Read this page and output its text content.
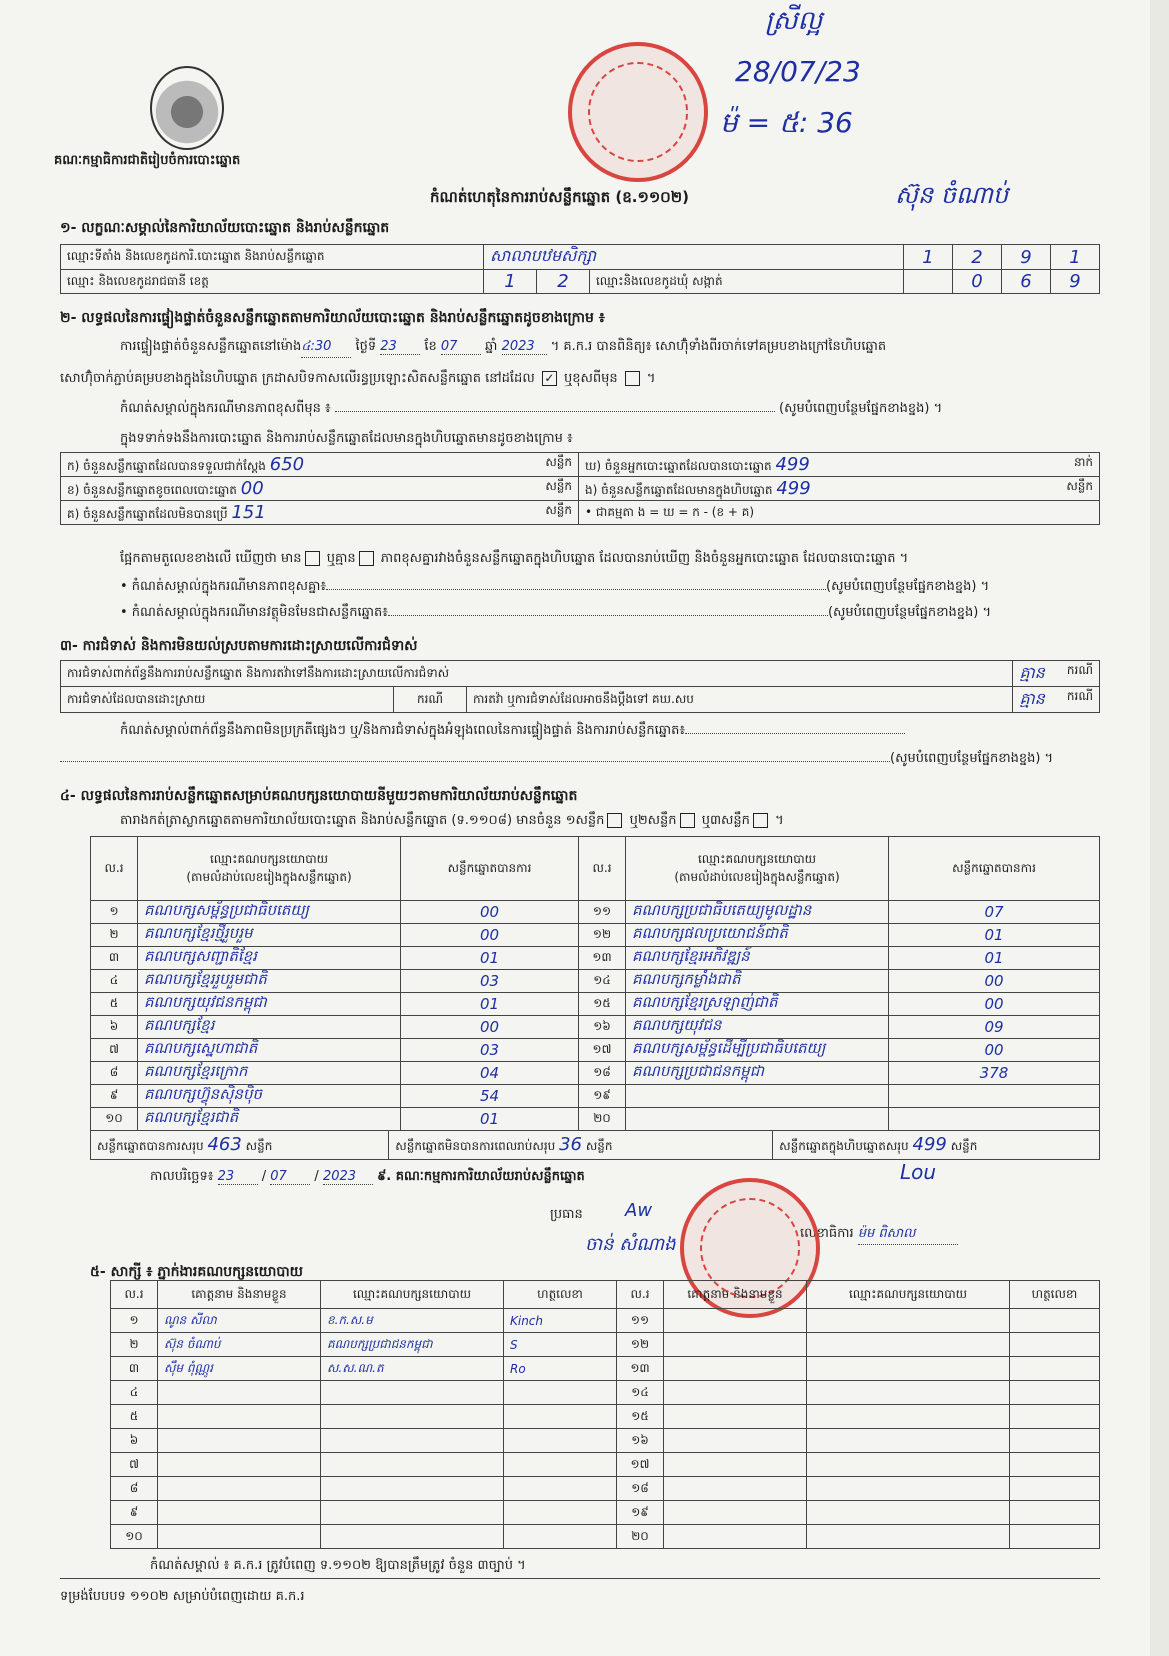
គណៈកម្មាធិការជាតិរៀបចំការបោះឆ្នោត
ស្រីល្អ
28/07/23
ម៉ = ៥: 36
ស៊ុន ចំណាប់
កំណត់ហេតុនៃការរាប់សន្លឹកឆ្នោត (ឧ.១១០២)
១- លក្ខណៈសម្គាល់នៃការិយាល័យបោះឆ្នោត និងរាប់សន្លឹកឆ្នោត
ឈ្មោះទីតាំង និងលេខកូដការិ.បោះឆ្នោត និងរាប់សន្លឹកឆ្នោត	សាលាបឋមសិក្សា			1	2	9	1
ឈ្មោះ និងលេខកូដរាជធានី ខេត្ត	1	2	ឈ្មោះនិងលេខកូដឃុំ សង្កាត់		0	6	9
២- លទ្ធផលនៃការផ្ទៀងផ្ទាត់ចំនួនសន្លឹកឆ្នោតតាមការិយាល័យបោះឆ្នោត និងរាប់សន្លឹកឆ្នោតដូចខាងក្រោម ៖
ការផ្ទៀងផ្ទាត់ចំនួនសន្លឹកឆ្នោតនៅម៉ោង៤:30 ថ្ងៃទី 23 ខែ 07 ឆ្នាំ 2023 ។ គ.ក.រ បានពិនិត្យ៖ សោហ៊ុំទាំងពីរចាក់ទៅគម្របខាងក្រៅនៃហិបឆ្នោត
សោហ៊ុំចាក់ភ្ជាប់គម្របខាងក្នុងនៃហិបឆ្នោត ក្រដាសបិទកាសលើរន្ធប្រឡោះសិតសន្លឹកឆ្នោត នៅដដែល ✓ ឬខុសពីមុន ។
កំណត់សម្គាល់ក្នុងករណីមានភាពខុសពីមុន ៖	(សូមបំពេញបន្ថែមផ្នែកខាងខ្នង) ។
ក្នុងទទាក់ទងនឹងការបោះឆ្នោត និងការរាប់សន្លឹកឆ្នោតដែលមានក្នុងហិបឆ្នោតមានដូចខាងក្រោម ៖
ក) ចំនួនសន្លឹកឆ្នោតដែលបានទទួលជាក់ស្តែង 650 សន្លឹក	ឃ) ចំនួនអ្នកបោះឆ្នោតដែលបានបោះឆ្នោត 499 នាក់

ខ) ចំនួនសន្លឹកឆ្នោតខូចពេលបោះឆ្នោត 00 សន្លឹក	ង) ចំនួនសន្លឹកឆ្នោតដែលមានក្នុងហិបឆ្នោត 499 សន្លឹក

គ) ចំនួនសន្លឹកឆ្នោតដែលមិនបានប្រើ 151 សន្លឹក	• ជាគម្មតា ង = ឃ = ក - (ខ + គ)
ផ្អែកតាមតួលេខខាងលើ ឃើញថា មាន ឬគ្មាន ភាពខុសគ្នារវាងចំនួនសន្លឹកឆ្នោតក្នុងហិបឆ្នោត ដែលបានរាប់ឃើញ និងចំនួនអ្នកបោះឆ្នោត ដែលបានបោះឆ្នោត ។
• កំណត់សម្គាល់ក្នុងករណីមានភាពខុសគ្នា៖	(សូមបំពេញបន្ថែមផ្នែកខាងខ្នង) ។
• កំណត់សម្គាល់ក្នុងករណីមានវត្ថុមិនមែនជាសន្លឹកឆ្នោត៖	(សូមបំពេញបន្ថែមផ្នែកខាងខ្នង) ។
៣- ការជំទាស់ និងការមិនយល់ស្របតាមការដោះស្រាយលើការជំទាស់
ការជំទាស់ពាក់ព័ន្ធនឹងការរាប់សន្លឹកឆ្នោត និងការតវ៉ាទៅនឹងការដោះស្រាយលើការជំទាស់			គ្មាន ករណី

ការជំទាស់ដែលបានដោះស្រាយ	ករណី	ការតវ៉ា ឬការជំទាស់ដែលអាចនឹងប្តឹងទៅ គឃ.សប	គ្មាន ករណី
កំណត់សម្គាល់ពាក់ព័ន្ធនឹងភាពមិនប្រក្រតីផ្សេងៗ ឬ/និងការជំទាស់ក្នុងអំឡុងពេលនៃការផ្ទៀងផ្ទាត់ និងការរាប់សន្លឹកឆ្នោត៖
(សូមបំពេញបន្ថែមផ្នែកខាងខ្នង) ។
៤- លទ្ធផលនៃការរាប់សន្លឹកឆ្នោតសម្រាប់គណបក្សនយោបាយនីមួយៗតាមការិយាល័យរាប់សន្លឹកឆ្នោត
តារាងកត់ត្រាស្លាកឆ្នោតតាមការិយាល័យបោះឆ្នោត និងរាប់សន្លឹកឆ្នោត (ទ.១១០៨) មានចំនួន ១សន្លឹក ឬ២សន្លឹក ឬ៣សន្លឹក ។
ល.រ	ឈ្មោះគណបក្សនយោបាយ
(តាមលំដាប់លេខរៀងក្នុងសន្លឹកឆ្នោត)	សន្លឹកឆ្នោតបានការ	ល.រ	ឈ្មោះគណបក្សនយោបាយ
(តាមលំដាប់លេខរៀងក្នុងសន្លឹកឆ្នោត)	សន្លឹកឆ្នោតបានការ
១	គណបក្សសម្ព័ន្ធប្រជាធិបតេយ្យ	00	១១	គណបក្សប្រជាធិបតេយ្យមូលដ្ឋាន	07
២	គណបក្សខ្មែរថ្មីរួបរួម	00	១២	គណបក្សផលប្រយោជន៍ជាតិ	01
៣	គណបក្សសញ្ជាតិខ្មែរ	01	១៣	គណបក្សខ្មែរអភិវឌ្ឍន៍	01
៤	គណបក្សខ្មែររួបរួមជាតិ	03	១៤	គណបក្សកម្លាំងជាតិ	00
៥	គណបក្សយុវជនកម្ពុជា	01	១៥	គណបក្សខ្មែរស្រឡាញ់ជាតិ	00
៦	គណបក្សខ្មែរ	00	១៦	គណបក្សយុវជន	09
៧	គណបក្សស្នេហាជាតិ	03	១៧	គណបក្សសម្ព័ន្ធដើម្បីប្រជាធិបតេយ្យ	00
៨	គណបក្សខ្មែរក្រោក	04	១៨	គណបក្សប្រជាជនកម្ពុជា	378
៩	គណបក្សហ៊្វុនស៊ិនប៉ិច	54	១៩		
១០	គណបក្សខ្មែរជាតិ	01	២០		

សន្លឹកឆ្នោតបានការសរុប 463 សន្លឹក សន្លឹកឆ្នោតមិនបានការពេលរាប់សរុប 36 សន្លឹក សន្លឹកឆ្នោតក្នុងហិបឆ្នោតសរុប 499 សន្លឹក					
កាលបរិច្ឆេទ៖ 23 / 07 / 2023 ៩. គណៈកម្មការការិយាល័យរាប់សន្លឹកឆ្នោត	Lou
ប្រធាន Aw
ចាន់ សំណាង
លេខាធិការ ម៉ម ពិសាល
៥- សាក្សី ៖ ភ្នាក់ងារគណបក្សនយោបាយ
ល.រ	គោត្តនាម និងនាមខ្លួន	ឈ្មោះគណបក្សនយោបាយ	ហត្ថលេខា	ល.រ	គោត្តនាម និងនាមខ្លួន	ឈ្មោះគណបក្សនយោបាយ	ហត្ថលេខា
១	ណូន សីលា	ខ.ក.ស.ម	Kinch	១១			
២	ស៊ុន ចំណាប់	គណបក្សប្រជាជនកម្ពុជា	S	១២			
៣	ស៊ឹម ពុំណ្ណូរ	ស.ស.ណ.ត	Ro	១៣			
៤				១៤			
៥				១៥			
៦				១៦			
៧				១៧			
៨				១៨			
៩				១៩			
១០				២០			
កំណត់សម្គាល់ ៖ គ.ក.រ ត្រូវបំពេញ ទ.១១០២ ឱ្យបានត្រឹមត្រូវ ចំនួន ៣ច្បាប់ ។
ទម្រង់បែបបទ ១១០២ សម្រាប់បំពេញដោយ គ.ក.រ
